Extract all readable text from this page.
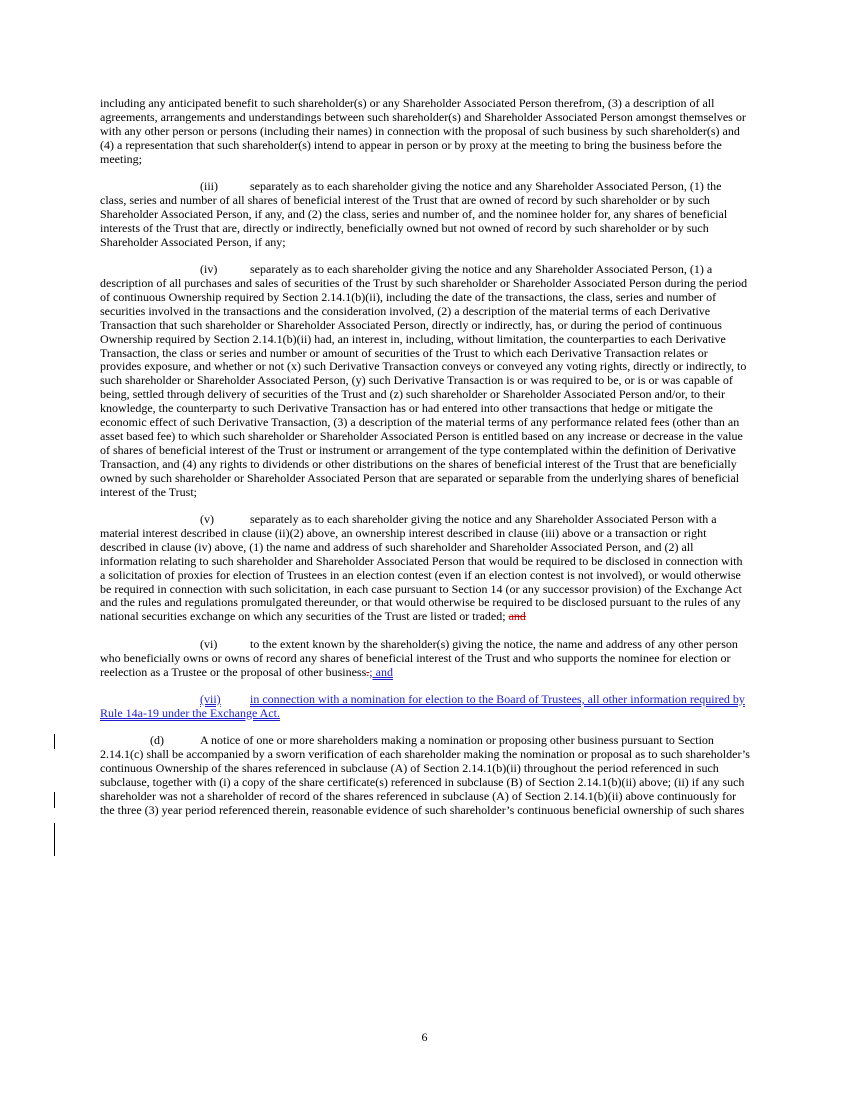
including any anticipated benefit to such shareholder(s) or any Shareholder Associated Person therefrom, (3) a description of all agreements, arrangements and understandings between such shareholder(s) and Shareholder Associated Person amongst themselves or with any other person or persons (including their names) in connection with the proposal of such business by such shareholder(s) and (4) a representation that such shareholder(s) intend to appear in person or by proxy at the meeting to bring the business before the meeting;

(iii)	separately as to each shareholder giving the notice and any Shareholder Associated Person, (1) the class, series and number of all shares of beneficial interest of the Trust that are owned of record by such shareholder or by such Shareholder Associated Person, if any, and (2) the class, series and number of, and the nominee holder for, any shares of beneficial interests of the Trust that are, directly or indirectly, beneficially owned but not owned of record by such shareholder or by such Shareholder Associated Person, if any;

(iv)	separately as to each shareholder giving the notice and any Shareholder Associated Person, (1) a description of all purchases and sales of securities of the Trust by such shareholder or Shareholder Associated Person during the period of continuous Ownership required by Section 2.14.1(b)(ii), including the date of the transactions, the class, series and number of securities involved in the transactions and the consideration involved, (2) a description of the material terms of each Derivative Transaction that such shareholder or Shareholder Associated Person, directly or indirectly, has, or during the period of continuous Ownership required by Section 2.14.1(b)(ii) had, an interest in, including, without limitation, the counterparties to each Derivative Transaction, the class or series and number or amount of securities of the Trust to which each Derivative Transaction relates or provides exposure, and whether or not (x) such Derivative Transaction conveys or conveyed any voting rights, directly or indirectly, to such shareholder or Shareholder Associated Person, (y) such Derivative Transaction is or was required to be, or is or was capable of being, settled through delivery of securities of the Trust and (z) such shareholder or Shareholder Associated Person and/or, to their knowledge, the counterparty to such Derivative Transaction has or had entered into other transactions that hedge or mitigate the economic effect of such Derivative Transaction, (3) a description of the material terms of any performance related fees (other than an asset based fee) to which such shareholder or Shareholder Associated Person is entitled based on any increase or decrease in the value of shares of beneficial interest of the Trust or instrument or arrangement of the type contemplated within the definition of Derivative Transaction, and (4) any rights to dividends or other distributions on the shares of beneficial interest of the Trust that are beneficially owned by such shareholder or Shareholder Associated Person that are separated or separable from the underlying shares of beneficial interest of the Trust;

(v)	separately as to each shareholder giving the notice and any Shareholder Associated Person with a material interest described in clause (ii)(2) above, an ownership interest described in clause (iii) above or a transaction or right described in clause (iv) above, (1) the name and address of such shareholder and Shareholder Associated Person, and (2) all information relating to such shareholder and Shareholder Associated Person that would be required to be disclosed in connection with a solicitation of proxies for election of Trustees in an election contest (even if an election contest is not involved), or would otherwise be required in connection with such solicitation, in each case pursuant to Section 14 (or any successor provision) of the Exchange Act and the rules and regulations promulgated thereunder, or that would otherwise be required to be disclosed pursuant to the rules of any national securities exchange on which any securities of the Trust are listed or traded; and

(vi)	to the extent known by the shareholder(s) giving the notice, the name and address of any other person who beneficially owns or owns of record any shares of beneficial interest of the Trust and who supports the nominee for election or reelection as a Trustee or the proposal of other business.; and

(vii) in connection with a nomination for election to the Board of Trustees, all other information required by Rule 14a-19 under the Exchange Act.

(d)	A notice of one or more shareholders making a nomination or proposing other business pursuant to Section 2.14.1(c) shall be accompanied by a sworn verification of each shareholder making the nomination or proposal as to such shareholder’s continuous Ownership of the shares referenced in subclause (A) of Section 2.14.1(b)(ii) throughout the period referenced in such subclause, together with (i) a copy of the share certificate(s) referenced in subclause (B) of Section 2.14.1(b)(ii) above; (ii) if any such shareholder was not a shareholder of record of the shares referenced in subclause (A) of Section 2.14.1(b)(ii) above continuously for the three (3) year period referenced therein, reasonable evidence of such shareholder’s continuous beneficial ownership of such shares

6
